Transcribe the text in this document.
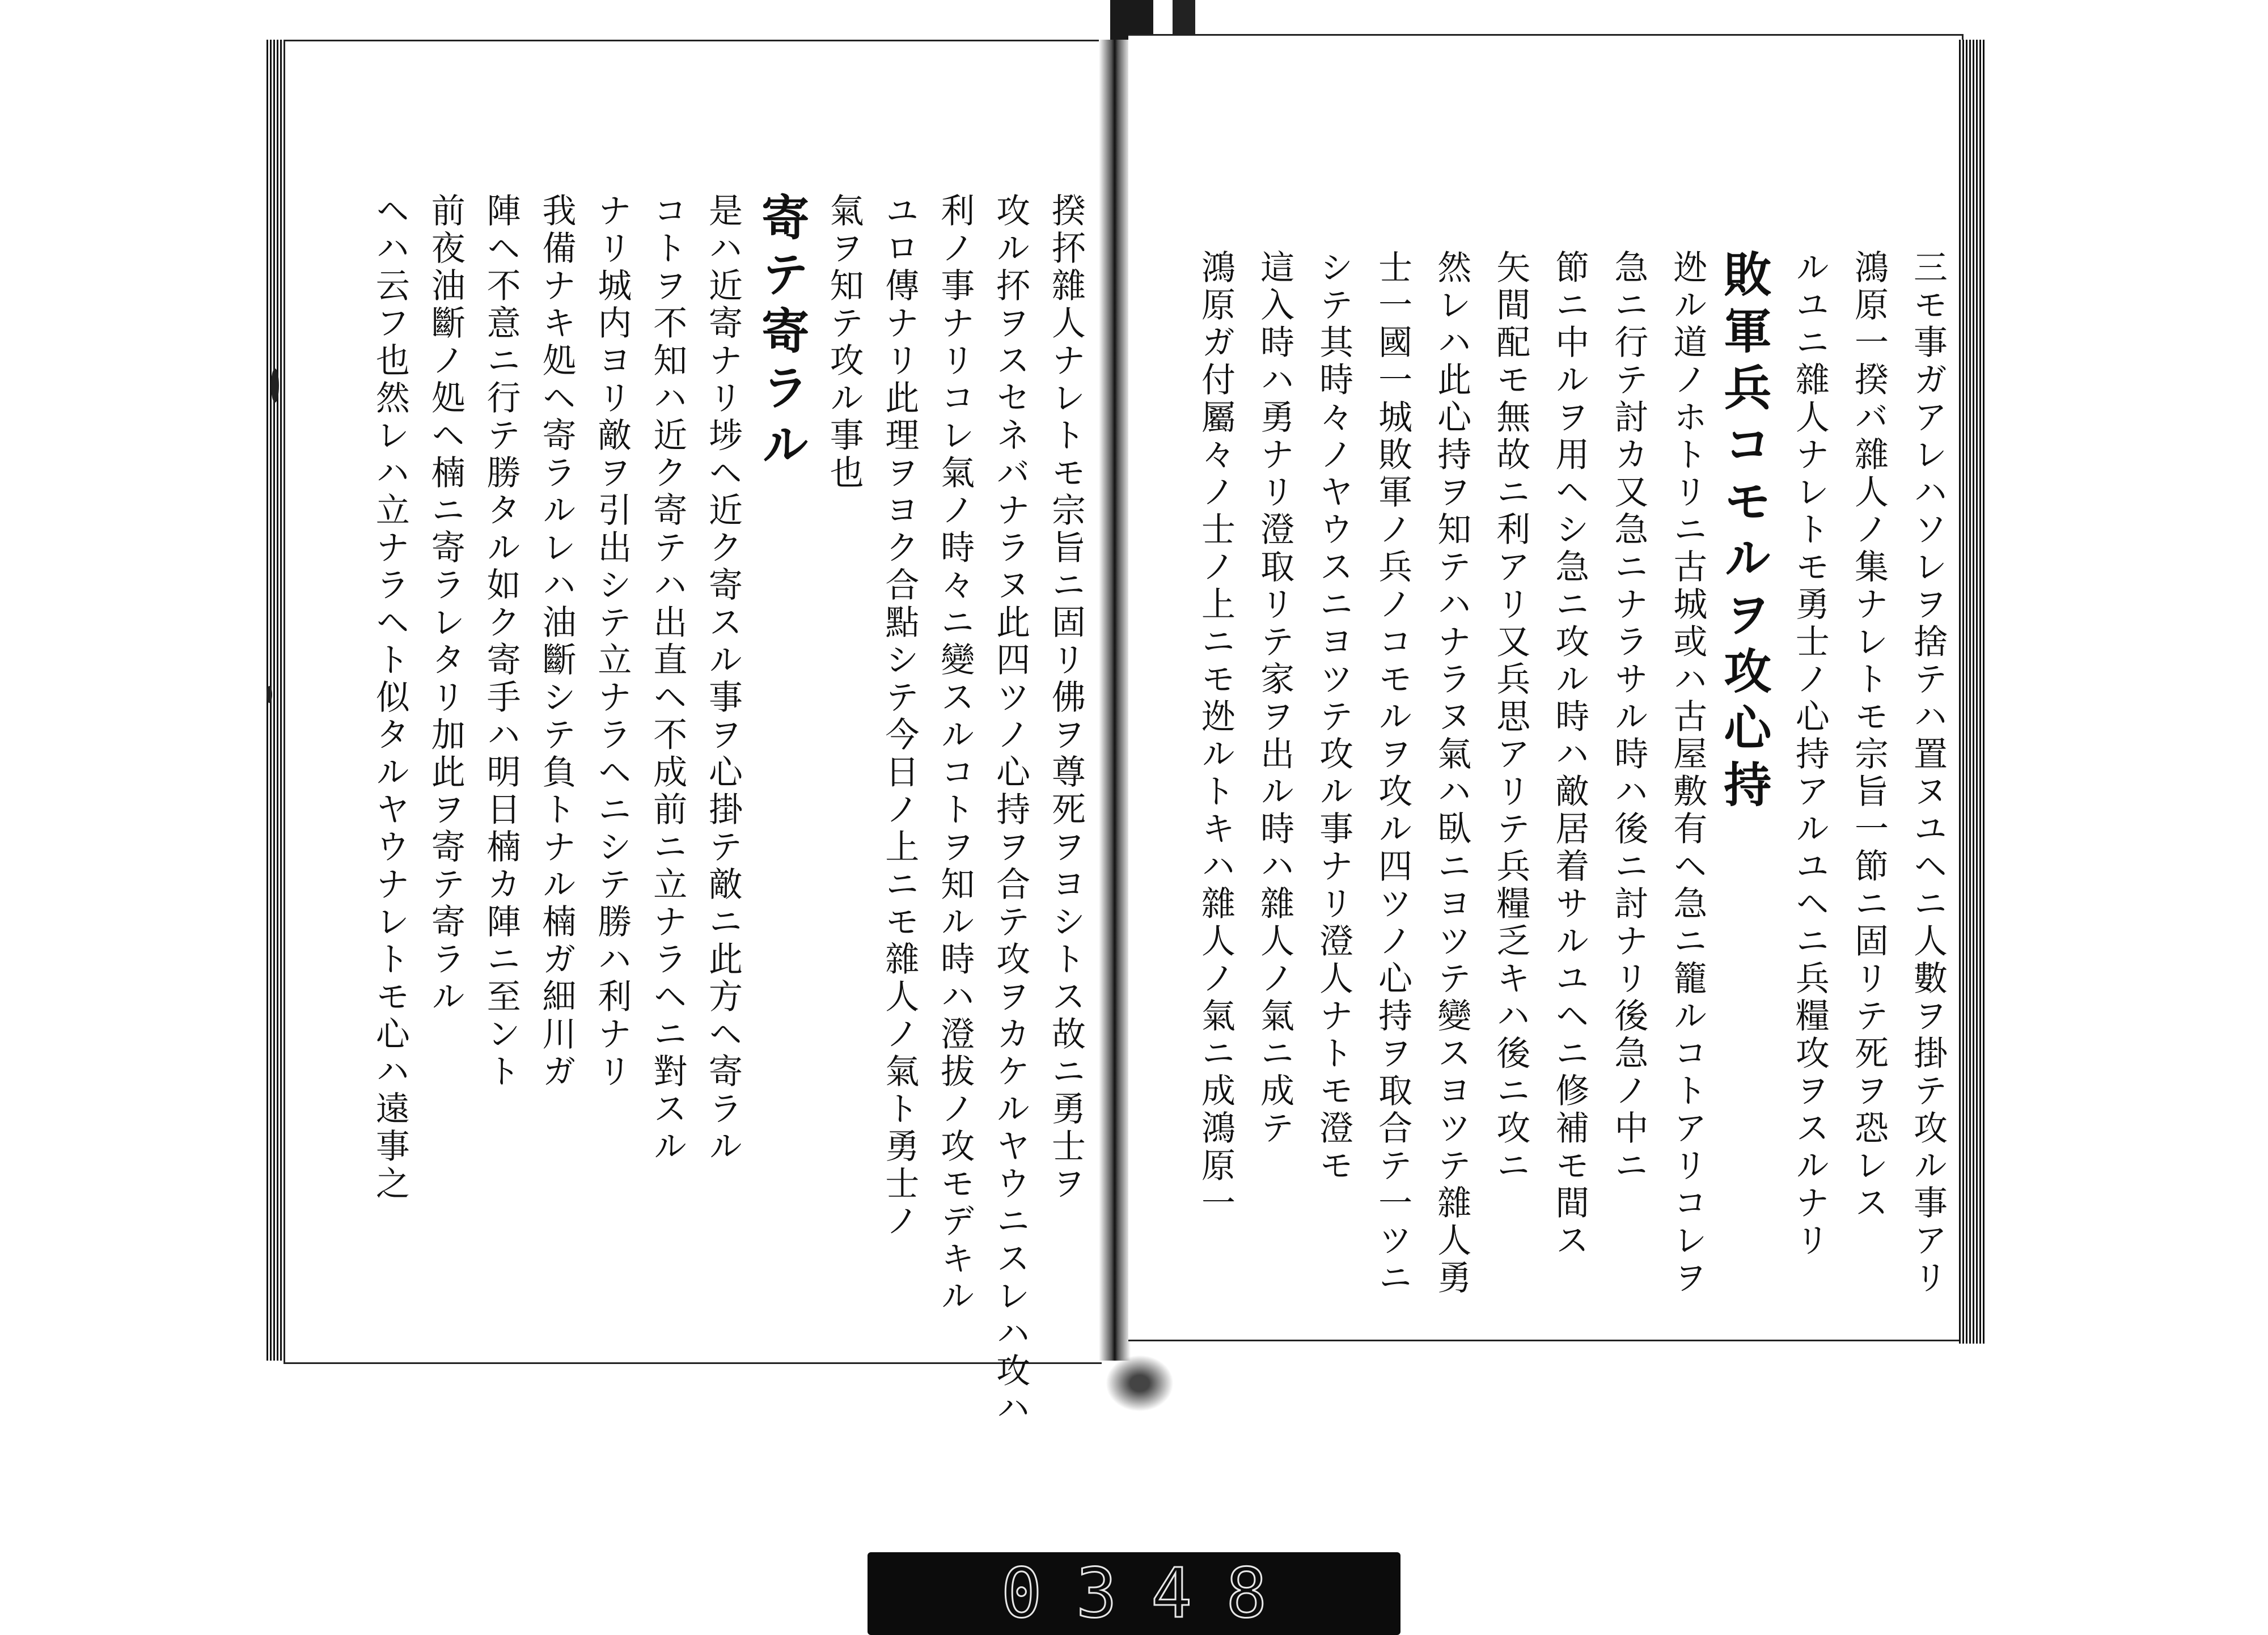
三モ事ガアレハソレヲ捨テハ置ヌユヘニ人數ヲ掛テ攻ル事アリ
鴻原一揆バ雜人ノ集ナレトモ宗旨一節ニ固リテ死ヲ恐レス
ルユニ雜人ナレトモ勇士ノ心持アルユヘニ兵糧攻ヲスルナリ
敗軍兵コモルヲ攻心持
迯ル道ノホトリニ古城或ハ古屋敷有ヘ急ニ籠ルコトアリコレヲ
急ニ行テ討カ又急ニナラサル時ハ後ニ討ナリ後急ノ中ニ
節ニ中ルヲ用ヘシ急ニ攻ル時ハ敵居着サルユヘニ修補モ間ス
矢間配モ無故ニ利アリ又兵思アリテ兵糧乏キハ後ニ攻ニ
然レハ此心持ヲ知テハナラヌ氣ハ臥ニヨツテ變スヨツテ雜人勇
士一國一城敗軍ノ兵ノコモルヲ攻ル四ツノ心持ヲ取合テ一ツニ
シテ其時々ノヤウスニヨツテ攻ル事ナリ澄人ナトモ澄モ
這入時ハ勇ナリ澄取リテ家ヲ出ル時ハ雜人ノ氣ニ成テ
鴻原ガ付屬々ノ士ノ上ニモ迯ルトキハ雜人ノ氣ニ成鴻原一
揆抔雜人ナレトモ宗旨ニ固リ佛ヲ尊死ヲヨシトス故ニ勇士ヲ
攻ル抔ヲスセネバナラヌ此四ツノ心持ヲ合テ攻ヲカケルヤウニスレハ攻ハ
利ノ事ナリコレ氣ノ時々ニ變スルコトヲ知ル時ハ澄拔ノ攻モデキル
ユロ傳ナリ此理ヲヨク合點シテ今日ノ上ニモ雜人ノ氣ト勇士ノ
氣ヲ知テ攻ル事也
寄テ寄ラル
是ハ近寄ナリ埗ヘ近ク寄スル事ヲ心掛テ敵ニ此方ヘ寄ラル
コトヲ不知ハ近ク寄テハ出直ヘ不成前ニ立ナラヘニ對スル
ナリ城内ヨリ敵ヲ引出シテ立ナラヘニシテ勝ハ利ナリ
我備ナキ処ヘ寄ラルレハ油斷シテ負トナル楠ガ細川ガ
陣ヘ不意ニ行テ勝タル如ク寄手ハ明日楠カ陣ニ至ント
前夜油斷ノ処ヘ楠ニ寄ラレタリ加此ヲ寄テ寄ラル
ヘハ云フ也然レハ立ナラヘト似タルヤウナレトモ心ハ遠事之
0348
